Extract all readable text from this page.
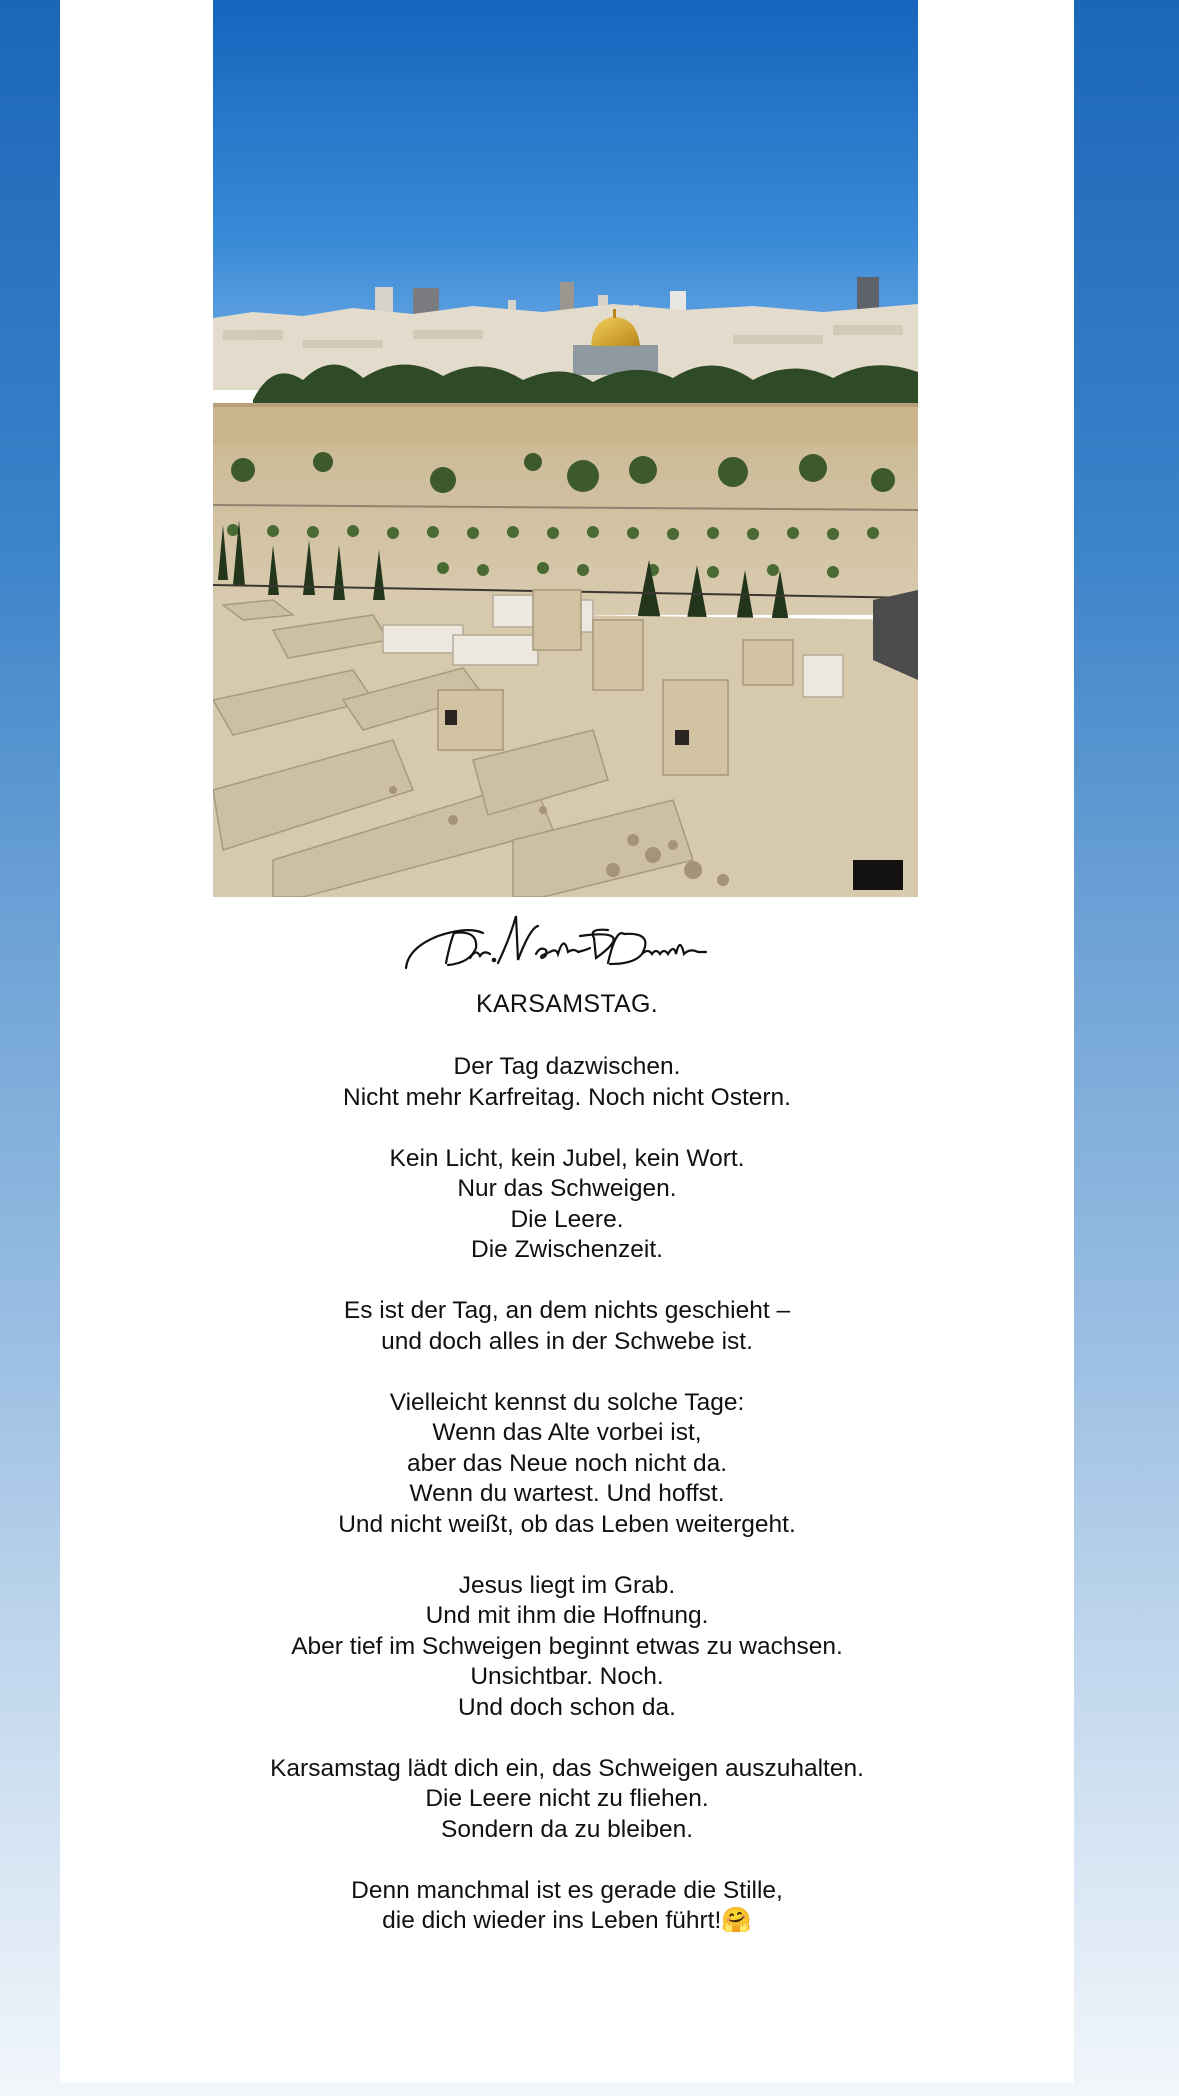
KARSAMSTAG.
Der Tag dazwischen.
Nicht mehr Karfreitag. Noch nicht Ostern.
Kein Licht, kein Jubel, kein Wort.
Nur das Schweigen.
Die Leere.
Die Zwischenzeit.
Es ist der Tag, an dem nichts geschieht –
und doch alles in der Schwebe ist.
Vielleicht kennst du solche Tage:
Wenn das Alte vorbei ist,
aber das Neue noch nicht da.
Wenn du wartest. Und hoffst.
Und nicht weißt, ob das Leben weitergeht.
Jesus liegt im Grab.
Und mit ihm die Hoffnung.
Aber tief im Schweigen beginnt etwas zu wachsen.
Unsichtbar. Noch.
Und doch schon da.
Karsamstag lädt dich ein, das Schweigen auszuhalten.
Die Leere nicht zu fliehen.
Sondern da zu bleiben.
Denn manchmal ist es gerade die Stille,
die dich wieder ins Leben führt!🤗
